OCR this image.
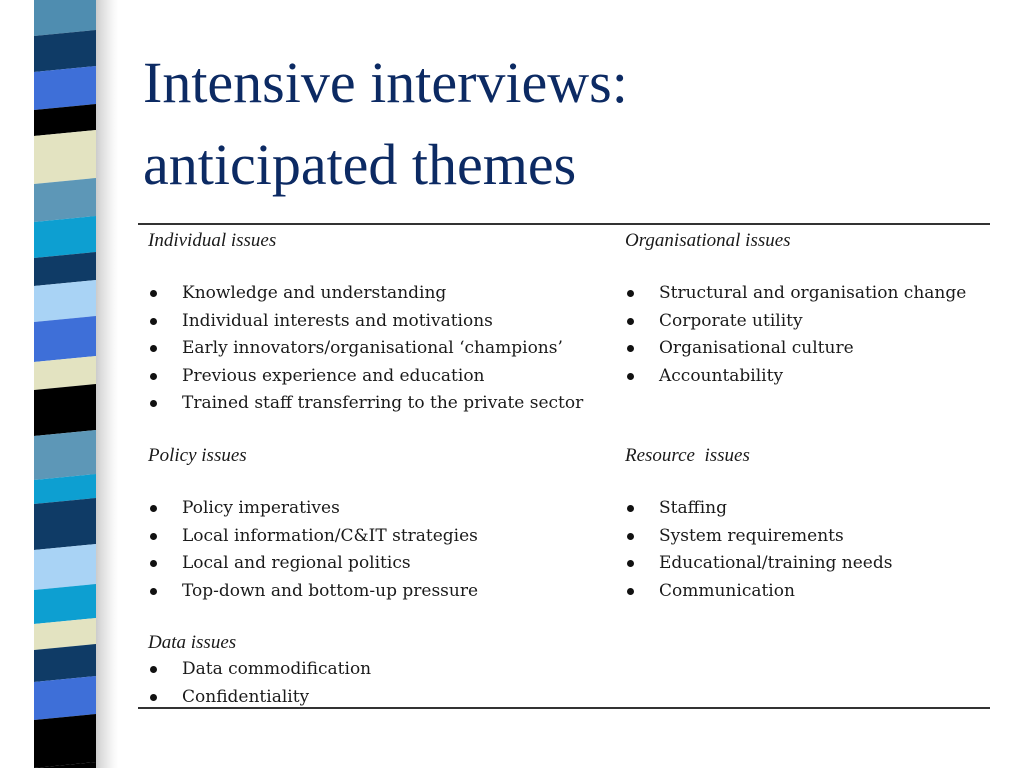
Intensive interviews:
anticipated themes
Individual issues
Knowledge and understanding
Individual interests and motivations
Early innovators/organisational ‘champions’
Previous experience and education
Trained staff transferring to the private sector
Policy issues
Policy imperatives
Local information/C&IT strategies
Local and regional politics
Top-down and bottom-up pressure
Data issues
Data commodification
Confidentiality
Organisational issues
Structural and organisation change
Corporate utility
Organisational culture
Accountability
Resource  issues
Staffing
System requirements
Educational/training needs
Communication
